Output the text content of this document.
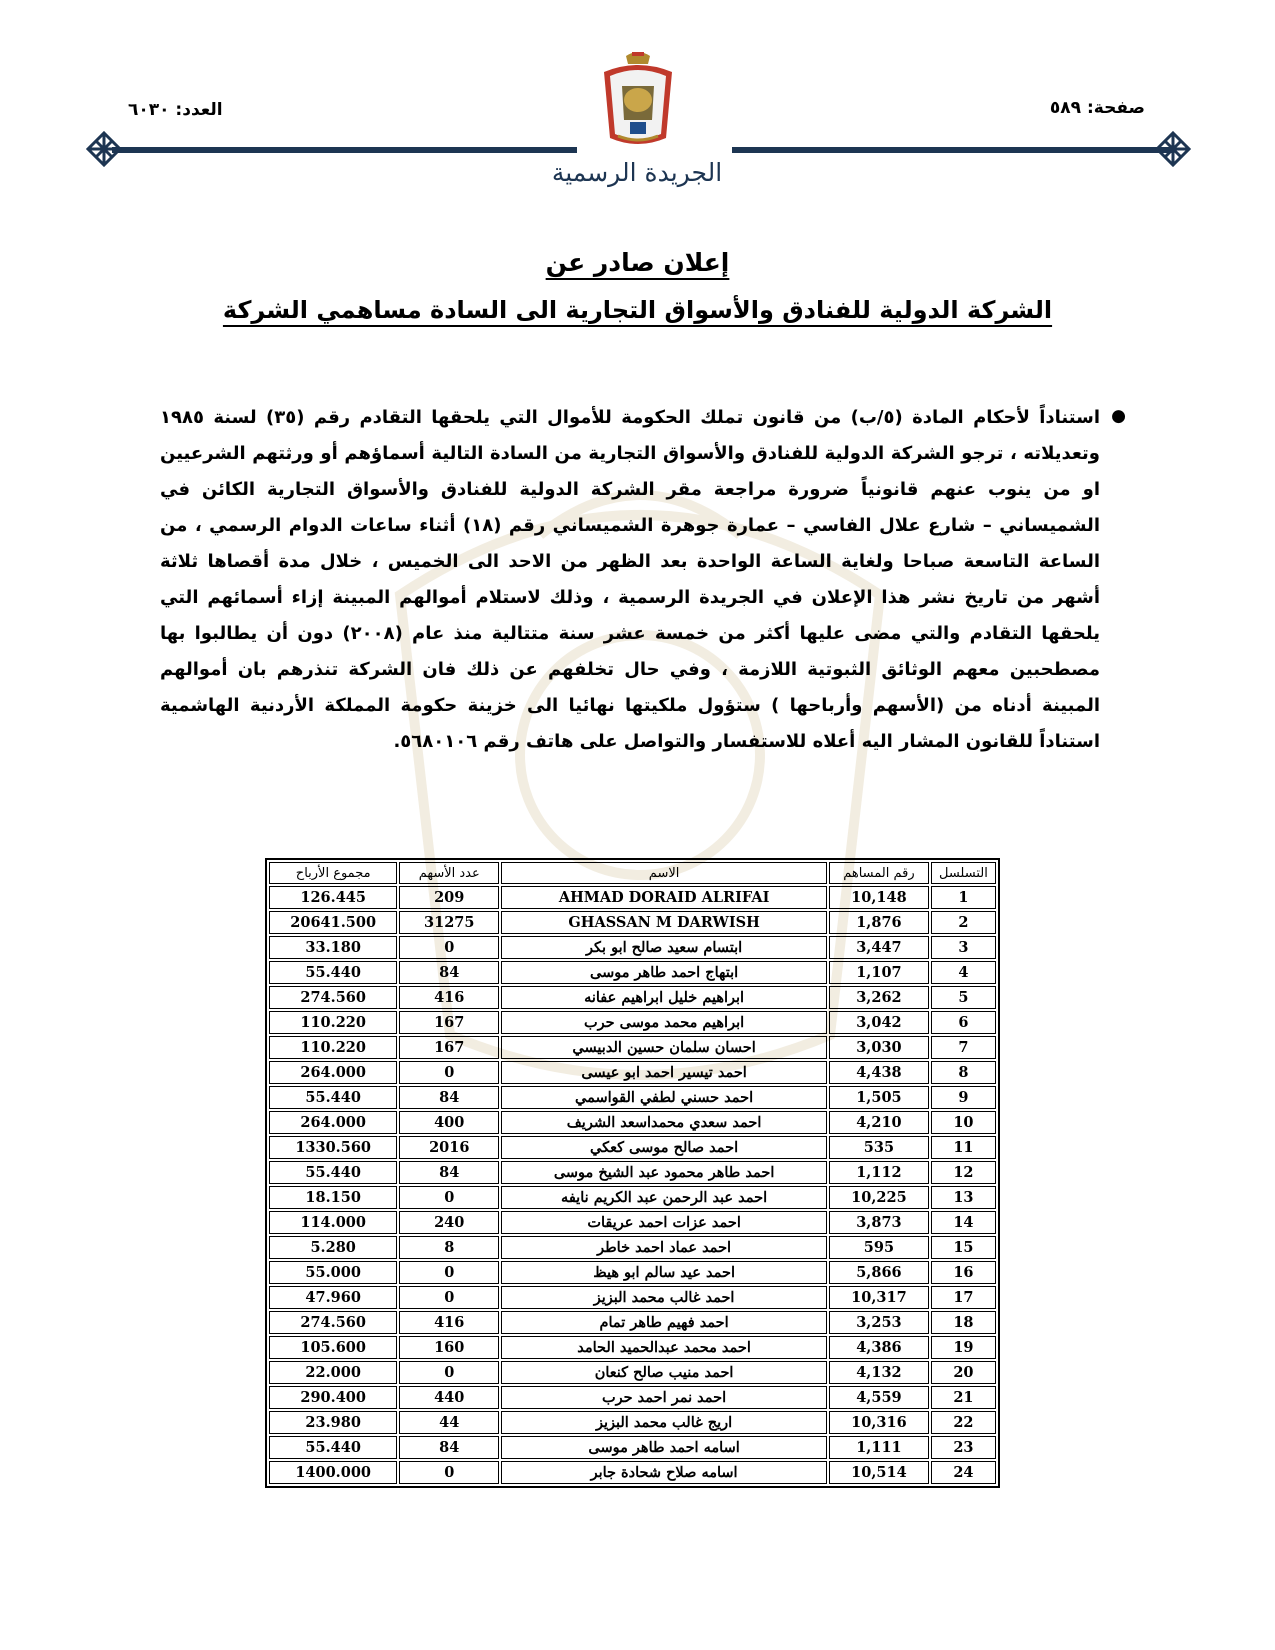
صفحة: ٥٨٩
العدد: ٦٠٣٠
الجريدة الرسمية
إعلان صادر عن
الشركة الدولية للفنادق والأسواق التجارية الى السادة مساهمي الشركة
●

استناداً لأحكام المادة (٥/ب) من قانون تملك الحكومة للأموال التي يلحقها التقادم رقم (٣٥) لسنة ١٩٨٥ وتعديلاته ، ترجو الشركة الدولية للفنادق والأسواق التجارية من السادة التالية أسماؤهم أو ورثتهم الشرعيين او من ينوب عنهم قانونياً ضرورة مراجعة مقر الشركة الدولية للفنادق والأسواق التجارية الكائن في الشميساني – شارع علال الفاسي – عمارة جوهرة الشميساني رقم (١٨) أثناء ساعات الدوام الرسمي ، من الساعة التاسعة صباحا ولغاية الساعة الواحدة بعد الظهر من الاحد الى الخميس ، خلال مدة أقصاها ثلاثة أشهر من تاريخ نشر هذا الإعلان في الجريدة الرسمية ، وذلك لاستلام أموالهم المبينة إزاء أسمائهم التي يلحقها التقادم والتي مضى عليها أكثر من خمسة عشر سنة متتالية منذ عام (٢٠٠٨) دون أن يطالبوا بها مصطحبين معهم الوثائق الثبوتية اللازمة ، وفي حال تخلفهم عن ذلك فان الشركة تنذرهم بان أموالهم المبينة أدناه من (الأسهم وأرباحها ) ستؤول ملكيتها نهائيا الى خزينة حكومة المملكة الأردنية الهاشمية استناداً للقانون المشار اليه أعلاه للاستفسار والتواصل على هاتف رقم ٥٦٨٠١٠٦.

التسلسل	رقم المساهم	الاسم	عدد الأسهم	مجموع الأرباح
1	10,148	AHMAD DORAID ALRIFAI	209	126.445
2	1,876	GHASSAN M DARWISH	31275	20641.500
3	3,447	ابتسام سعيد صالح ابو بكر	0	33.180
4	1,107	ابتهاج احمد طاهر موسى	84	55.440
5	3,262	ابراهيم خليل ابراهيم عفانه	416	274.560
6	3,042	ابراهيم محمد موسى حرب	167	110.220
7	3,030	احسان سلمان حسين الدبيسي	167	110.220
8	4,438	احمد تيسير احمد ابو عيسى	0	264.000
9	1,505	احمد حسني لطفي القواسمي	84	55.440
10	4,210	احمد سعدي محمداسعد الشريف	400	264.000
11	535	احمد صالح موسى كعكي	2016	1330.560
12	1,112	احمد طاهر محمود عبد الشيخ موسى	84	55.440
13	10,225	احمد عبد الرحمن عبد الكريم نايفه	0	18.150
14	3,873	احمد عزات احمد عريقات	240	114.000
15	595	احمد عماد احمد خاطر	8	5.280
16	5,866	احمد عيد سالم ابو هيظ	0	55.000
17	10,317	احمد غالب محمد البزيز	0	47.960
18	3,253	احمد فهيم طاهر تمام	416	274.560
19	4,386	احمد محمد عبدالحميد الحامد	160	105.600
20	4,132	احمد منيب صالح كنعان	0	22.000
21	4,559	احمد نمر احمد حرب	440	290.400
22	10,316	اريج غالب محمد البزيز	44	23.980
23	1,111	اسامه احمد طاهر موسى	84	55.440
24	10,514	اسامه صلاح شحادة جابر	0	1400.000
